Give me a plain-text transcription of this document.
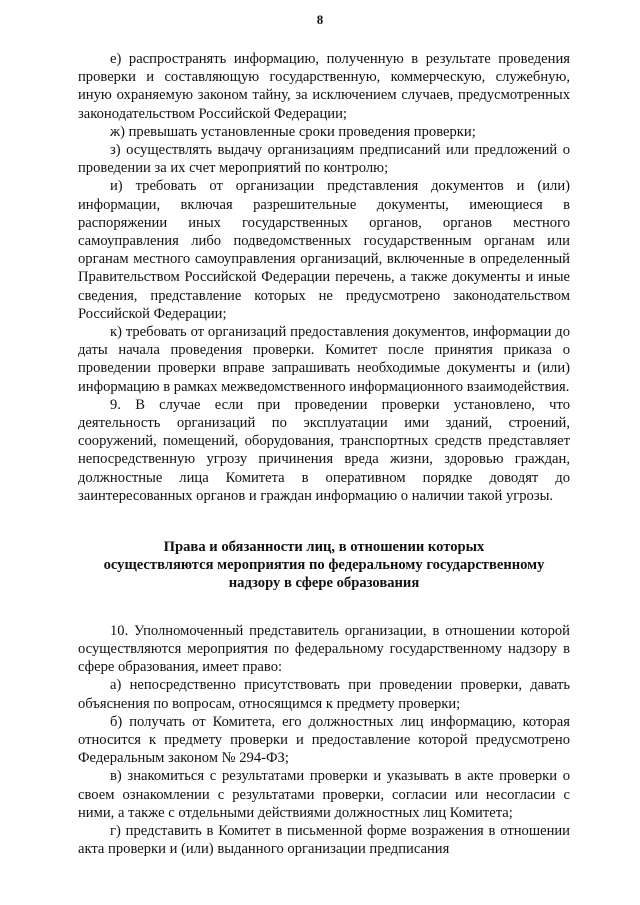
8

е) распространять информацию, полученную в результате проведения проверки и составляющую государственную, коммерческую, служебную, иную охраняемую законом тайну, за исключением случаев, предусмотренных законодательством Российской Федерации;

ж) превышать установленные сроки проведения проверки;

з) осуществлять выдачу организациям предписаний или предложений о проведении за их счет мероприятий по контролю;

и) требовать от организации представления документов и (или) информации, включая разрешительные документы, имеющиеся в распоряжении иных государственных органов, органов местного самоуправления либо подведомственных государственным органам или органам местного самоуправления организаций, включенные в определенный Правительством Российской Федерации перечень, а также документы и иные сведения, представление которых не предусмотрено законодательством Российской Федерации;

к) требовать от организаций предоставления документов, информации до даты начала проведения проверки. Комитет после принятия приказа о проведении проверки вправе запрашивать необходимые документы и (или) информацию в рамках межведомственного информационного взаимодействия.

9. В случае если при проведении проверки установлено, что деятельность организаций по эксплуатации ими зданий, строений, сооружений, помещений, оборудования, транспортных средств представляет непосредственную угрозу причинения вреда жизни, здоровью граждан, должностные лица Комитета в оперативном порядке доводят до заинтересованных органов и граждан информацию о наличии такой угрозы.

Права и обязанности лиц, в отношении которых
осуществляются мероприятия по федеральному государственному
надзору в сфере образования

10. Уполномоченный представитель организации, в отношении которой осуществляются мероприятия по федеральному государственному надзору в сфере образования, имеет право:

а) непосредственно присутствовать при проведении проверки, давать объяснения по вопросам, относящимся к предмету проверки;

б) получать от Комитета, его должностных лиц информацию, которая относится к предмету проверки и предоставление которой предусмотрено Федеральным законом № 294-ФЗ;

в) знакомиться с результатами проверки и указывать в акте проверки о своем ознакомлении с результатами проверки, согласии или несогласии с ними, а также с отдельными действиями должностных лиц Комитета;

г) представить в Комитет в письменной форме возражения в отношении акта проверки и (или) выданного организации предписания
